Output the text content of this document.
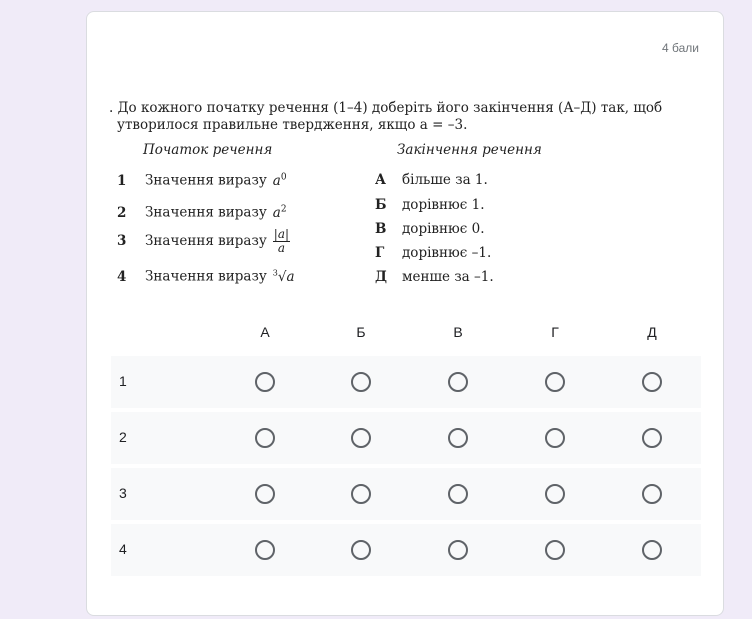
4 бали
. До кожного початку речення (1–4) доберіть його закінчення (А–Д) так, щоб
утворилося правильне твердження, якщо a = –3.
Початок речення	Закінчення речення
1 Значення виразу $a^0$
2 Значення виразу $a^2$
3 Значення виразу $\frac{|a|}{a}$
4 Значення виразу $^3$√a
А більше за 1.
Б дорівнює 1.
В дорівнює 0.
Г дорівнює –1.
Д менше за –1.
А	Б	В	Г	Д
1
2
3
4
